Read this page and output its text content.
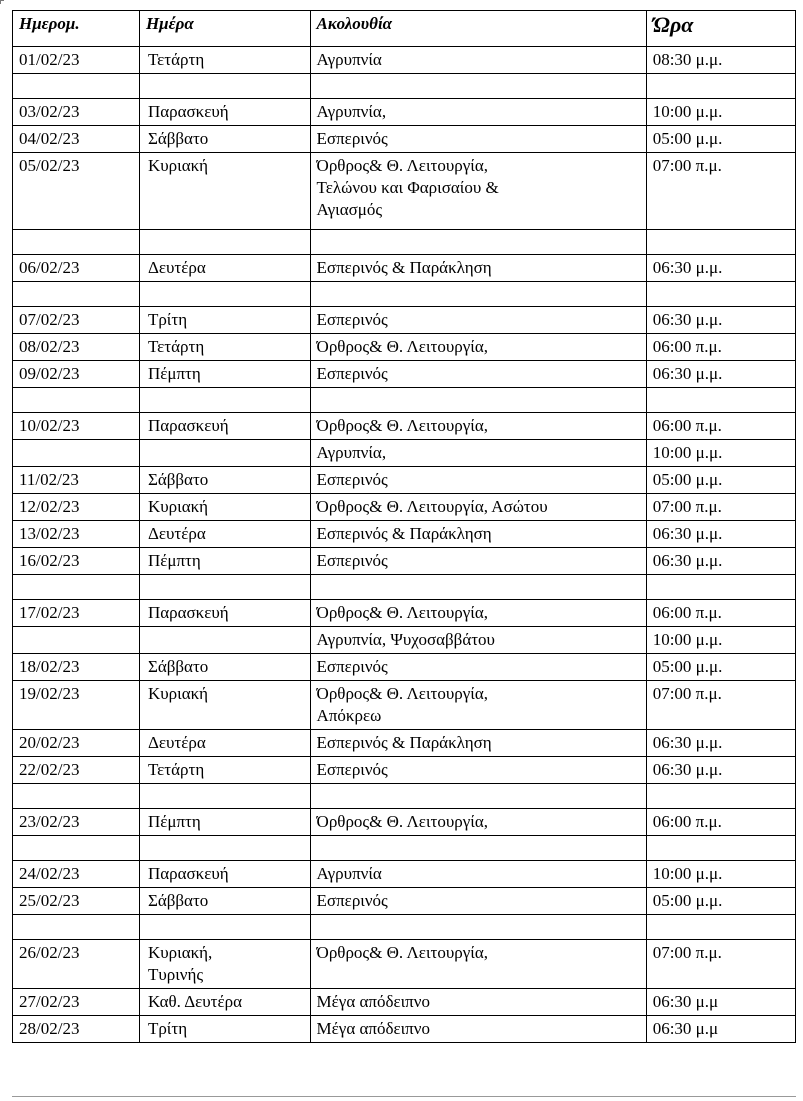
Ημερομ.	Ημέρα	Ακολουθία	Ώρα

01/02/23	Τετάρτη	Αγρυπνία	08:30 μ.μ.

03/02/23	Παρασκευή	Αγρυπνία,	10:00 μ.μ.

04/02/23	Σάββατο	Εσπερινός	05:00 μ.μ.

05/02/23	Κυριακή	Όρθρος& Θ. Λειτουργία,
Τελώνου και Φαρισαίου &
Αγιασμός	07:00 π.μ.

06/02/23	Δευτέρα	Εσπερινός & Παράκληση	06:30 μ.μ.

07/02/23	Τρίτη	Εσπερινός	06:30 μ.μ.

08/02/23	Τετάρτη	Όρθρος& Θ. Λειτουργία,	06:00 π.μ.

09/02/23	Πέμπτη	Εσπερινός	06:30 μ.μ.

10/02/23	Παρασκευή	Όρθρος& Θ. Λειτουργία,	06:00 π.μ.

		Αγρυπνία,	10:00 μ.μ.

11/02/23	Σάββατο	Εσπερινός	05:00 μ.μ.

12/02/23	Κυριακή	Όρθρος& Θ. Λειτουργία, Ασώτου	07:00 π.μ.

13/02/23	Δευτέρα	Εσπερινός & Παράκληση	06:30 μ.μ.

16/02/23	Πέμπτη	Εσπερινός	06:30 μ.μ.

17/02/23	Παρασκευή	Όρθρος& Θ. Λειτουργία,	06:00 π.μ.

		Αγρυπνία, Ψυχοσαββάτου	10:00 μ.μ.

18/02/23	Σάββατο	Εσπερινός	05:00 μ.μ.

19/02/23	Κυριακή	Όρθρος& Θ. Λειτουργία,
Απόκρεω	07:00 π.μ.

20/02/23	Δευτέρα	Εσπερινός & Παράκληση	06:30 μ.μ.

22/02/23	Τετάρτη	Εσπερινός	06:30 μ.μ.

23/02/23	Πέμπτη	Όρθρος& Θ. Λειτουργία,	06:00 π.μ.

24/02/23	Παρασκευή	Αγρυπνία	10:00 μ.μ.

25/02/23	Σάββατο	Εσπερινός	05:00 μ.μ.

26/02/23	Κυριακή,
Τυρινής	Όρθρος& Θ. Λειτουργία,	07:00 π.μ.

27/02/23	Καθ. Δευτέρα	Μέγα απόδειπνο	06:30 μ.μ

28/02/23	Τρίτη	Μέγα απόδειπνο	06:30 μ.μ
